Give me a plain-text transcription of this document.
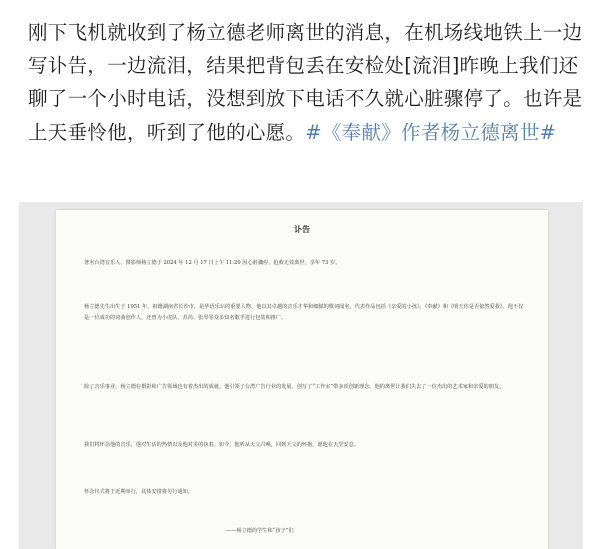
刚下飞机就收到了杨立德老师离世的消息，在机场线地铁上一边写讣告，一边流泪，结果把背包丢在安检处[流泪]昨晚上我们还聊了一个小时电话，没想到放下电话不久就心脏骤停了。也许是上天垂怜他，听到了他的心愿。#《奉献》作者杨立德离世#
讣告
著名台湾音乐人、摄影师杨立德于 2024 年 12 月 17 日上午 11:20 因心脏骤停，抢救无效离世，享年 73 岁。
杨立德先生出生于 1951 年，祖籍湖南省长沙市，是华语乐坛的重要人物。他以其卓越的音乐才华和细腻的歌词闻名，代表作品包括《亲爱的小孩》、《奉献》和《明天你是否依然爱我》，他不仅是一位成功的词曲创作人，还曾为小虎队、苏芮、张琴等众多知名歌手进行包装和推广。
除了音乐事业，杨立德在摄影和广告领域也有着杰出的成就。他引领了台湾广告行业的发展，创写了“工作室”带多项创新理念。他的离世让我们失去了一位杰出的艺术家和亲爱的朋友。
我们将怀念他的音乐，他对生活的热情以及他对美的执着。如今，他听从天父召唤，回到天父的怀抱，愿他在天堂安息。
怀念仪式将于近期举行，具体安排将另行通知。
——杨立德的学生和“孩子”们
